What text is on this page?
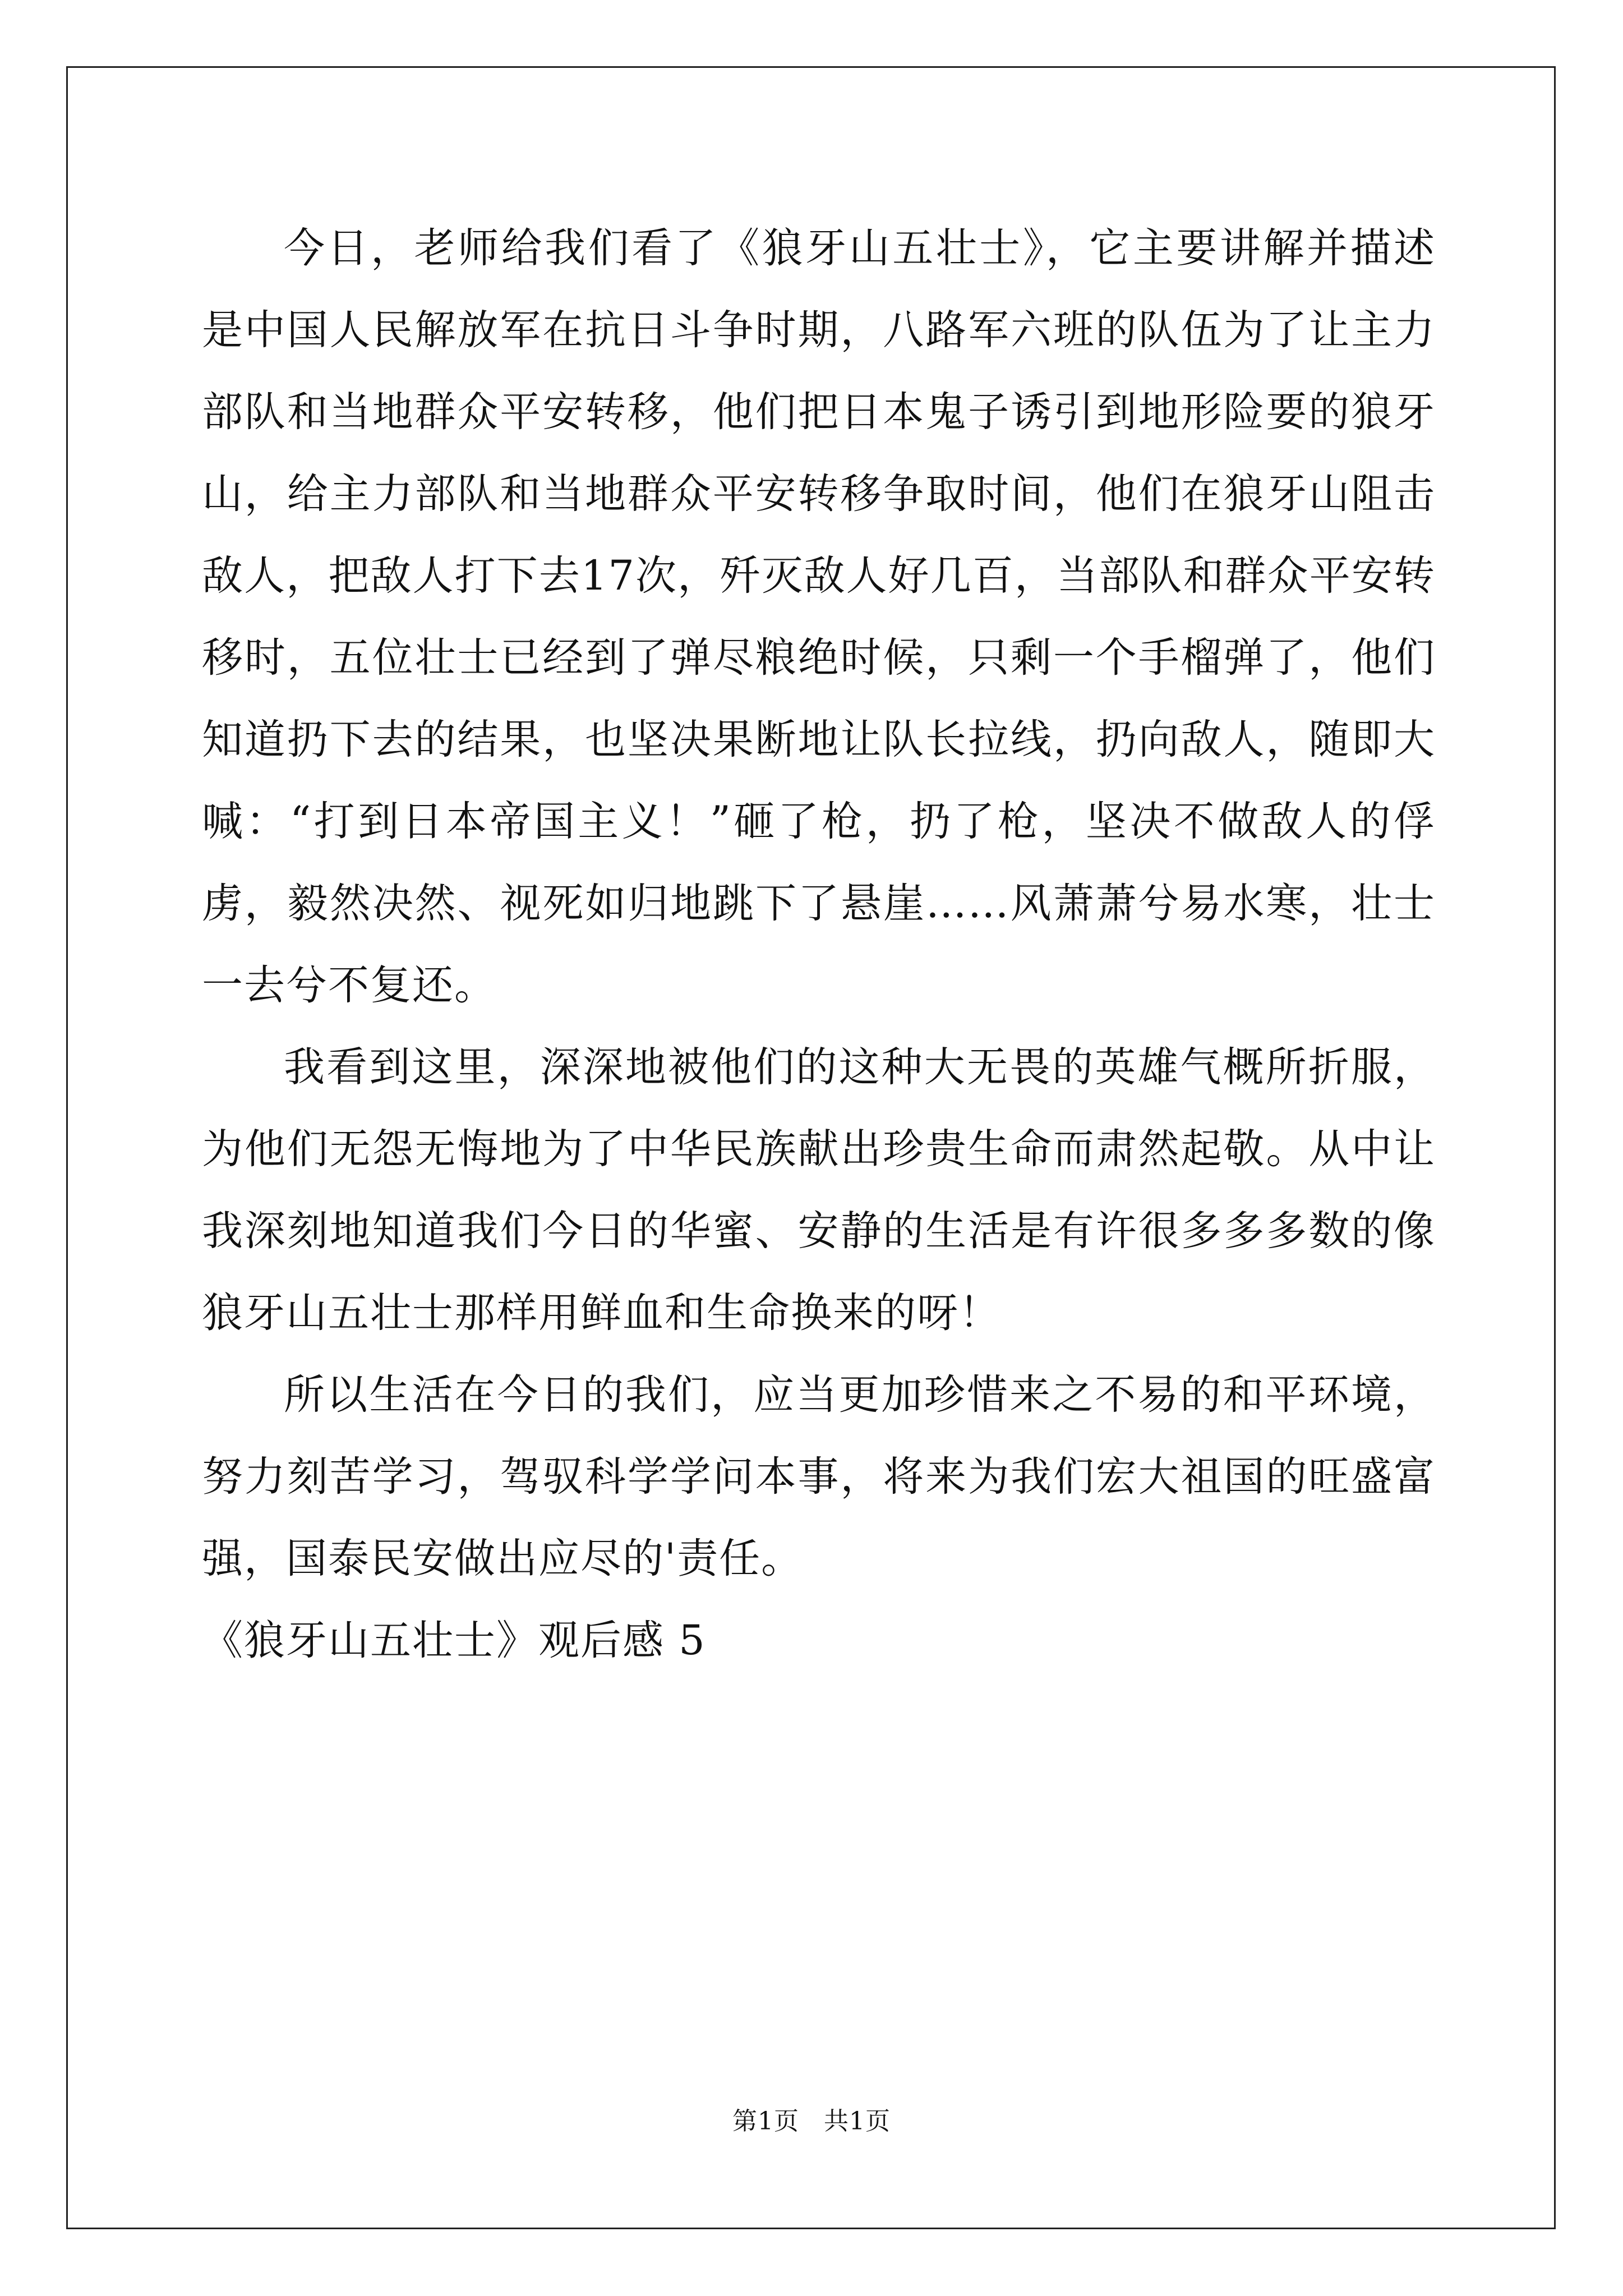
今日，老师给我们看了《狼牙山五壮士》，它主要讲解并描述是中国人民解放军在抗日斗争时期，八路军六班的队伍为了让主力部队和当地群众平安转移，他们把日本鬼子诱引到地形险要的狼牙山，给主力部队和当地群众平安转移争取时间，他们在狼牙山阻击敌人，把敌人打下去17次，歼灭敌人好几百，当部队和群众平安转移时，五位壮士已经到了弹尽粮绝时候，只剩一个手榴弹了，他们知道扔下去的结果，也坚决果断地让队长拉线，扔向敌人，随即大喊：“打到日本帝国主义！”砸了枪，扔了枪，坚决不做敌人的俘虏，毅然决然、视死如归地跳下了悬崖……风萧萧兮易水寒，壮士一去兮不复还。

我看到这里，深深地被他们的这种大无畏的英雄气概所折服，为他们无怨无悔地为了中华民族献出珍贵生命而肃然起敬。从中让我深刻地知道我们今日的华蜜、安静的生活是有许很多多多数的像狼牙山五壮士那样用鲜血和生命换来的呀！

所以生活在今日的我们，应当更加珍惜来之不易的和平环境，努力刻苦学习，驾驭科学学问本事，将来为我们宏大祖国的旺盛富强，国泰民安做出应尽的'责任。

《狼牙山五壮士》观后感 5

第1页 共1页
